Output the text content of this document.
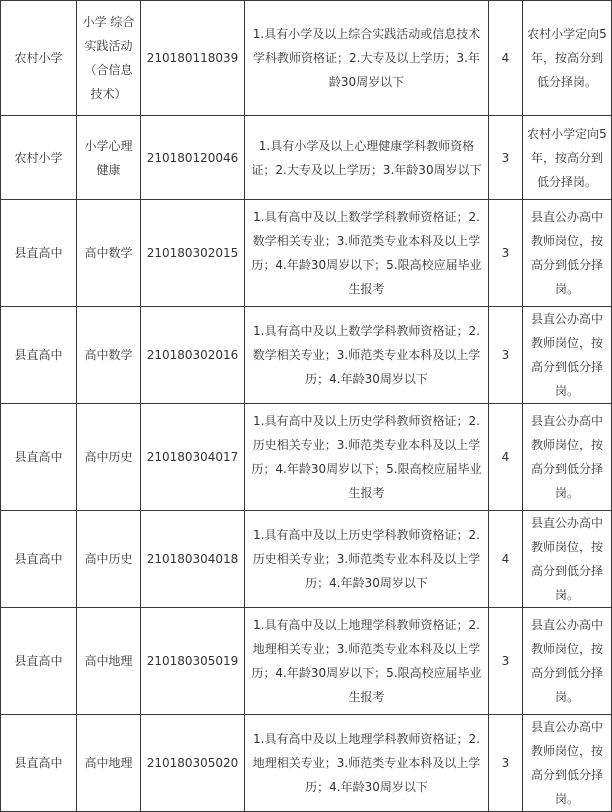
农村小学	小学 综合实践活动（合信息技术）	210180118039	1.具有小学及以上综合实践活动或信息技术学科教师资格证；2.大专及以上学历；3.年龄30周岁以下	4	农村小学定向5年，按高分到低分择岗。
农村小学	小学心理健康	210180120046	1.具有小学及以上心理健康学科教师资格证；2.大专及以上学历；3.年龄30周岁以下	3	农村小学定向5年，按高分到低分择岗。
县直高中	高中数学	210180302015	1.具有高中及以上数学学科教师资格证；2.数学相关专业；3.师范类专业本科及以上学历；4.年龄30周岁以下；5.限高校应届毕业生报考	3	县直公办高中教师岗位，按高分到低分择岗。
县直高中	高中数学	210180302016	1.具有高中及以上数学学科教师资格证；2.数学相关专业；3.师范类专业本科及以上学历；4.年龄30周岁以下	3	县直公办高中教师岗位，按高分到低分择岗。
县直高中	高中历史	210180304017	1.具有高中及以上历史学科教师资格证；2.历史相关专业；3.师范类专业本科及以上学历；4.年龄30周岁以下；5.限高校应届毕业生报考	4	县直公办高中教师岗位，按高分到低分择岗。
县直高中	高中历史	210180304018	1.具有高中及以上历史学科教师资格证；2.历史相关专业；3.师范类专业本科及以上学历；4.年龄30周岁以下	4	县直公办高中教师岗位，按高分到低分择岗。
县直高中	高中地理	210180305019	1.具有高中及以上地理学科教师资格证；2.地理相关专业；3.师范类专业本科及以上学历；4.年龄30周岁以下；5.限高校应届毕业生报考	3	县直公办高中教师岗位，按高分到低分择岗。
县直高中	高中地理	210180305020	1.具有高中及以上地理学科教师资格证；2.地理相关专业；3.师范类专业本科及以上学历；4.年龄30周岁以下	3	县直公办高中教师岗位，按高分到低分择岗。
